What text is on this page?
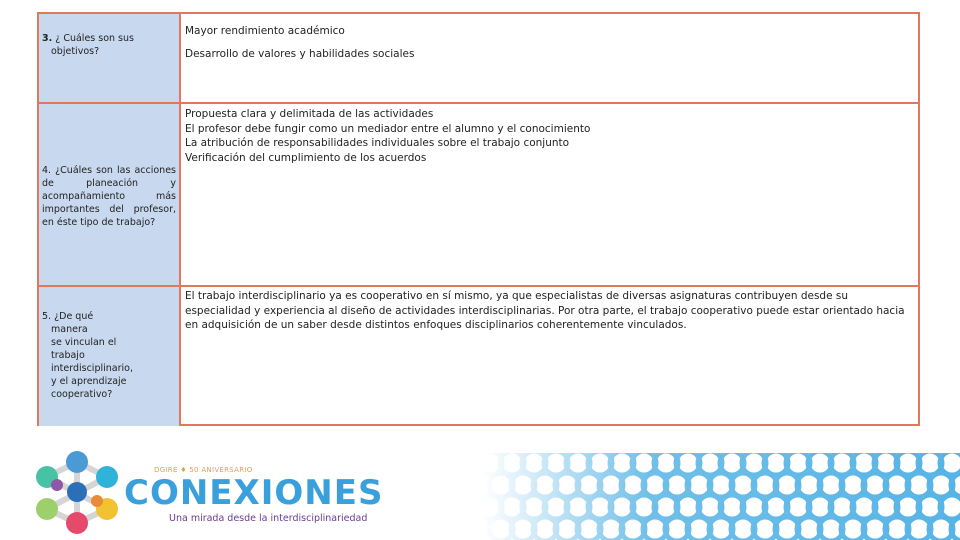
3. ¿ Cuáles son sus
objetivos?
Mayor rendimiento académico
Desarrollo de valores y habilidades sociales
4. ¿Cuáles son las acciones de planeación y acompañamiento más importantes del profesor, en éste tipo de trabajo?
Propuesta clara y delimitada de las actividades
El profesor debe fungir como un mediador entre el alumno y el conocimiento
La atribución de responsabilidades individuales sobre el trabajo conjunto
Verificación del cumplimiento de los acuerdos
5. ¿De qué
manera
se vinculan el
trabajo
interdisciplinario,
y el aprendizaje
cooperativo?
El trabajo interdisciplinario ya es cooperativo en sí mismo, ya que especialistas de diversas asignaturas contribuyen desde su especialidad y experiencia al diseño de actividades interdisciplinarias. Por otra parte, el trabajo cooperativo puede estar orientado hacia en adquisición de un saber desde distintos enfoques disciplinarios coherentemente vinculados.
DGIRE ♦ 50 ANIVERSARIO
CONEXIONES
Una mirada desde la interdisciplinariedad
